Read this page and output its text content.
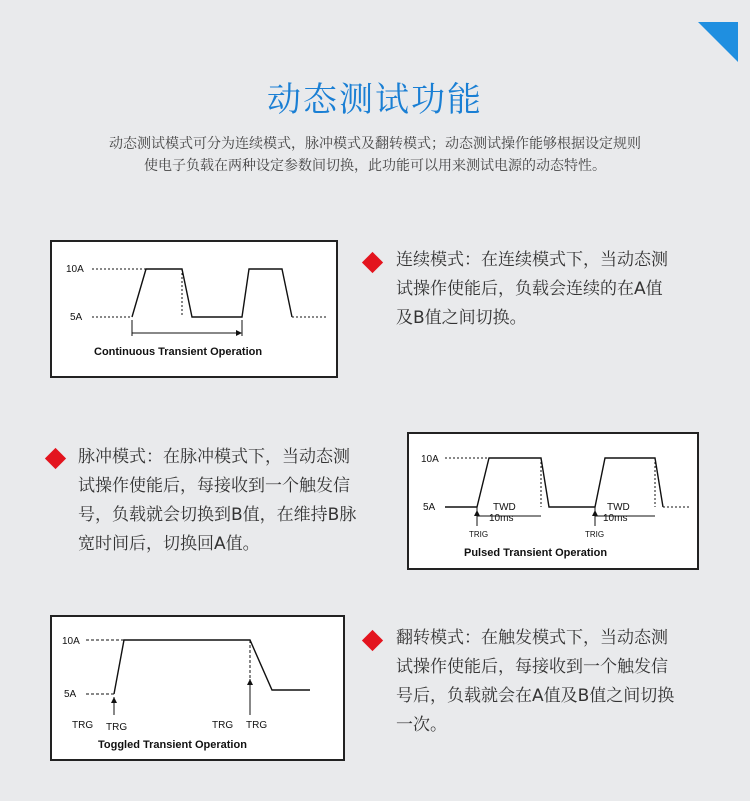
动态测试功能
动态测试模式可分为连续模式，脉冲模式及翻转模式；动态测试操作能够根据设定规则
使电子负载在两种设定参数间切换，此功能可以用来测试电源的动态特性。
10A
5A
Continuous Transient Operation
连续模式：在连续模式下，当动态测
试操作使能后，负载会连续的在A值
及B值之间切换。
脉冲模式：在脉冲模式下，当动态测
试操作使能后，每接收到一个触发信
号，负载就会切换到B值，在维持B脉
宽时间后，切换回A值。
10A
5A	TWD
10ms
TWD
10ms
TRIG	TRIG
Pulsed Transient Operation
10A
5A
TRG TRG	TRG TRG
Toggled Transient Operation
翻转模式：在触发模式下，当动态测
试操作使能后，每接收到一个触发信
号后，负载就会在A值及B值之间切换
一次。
